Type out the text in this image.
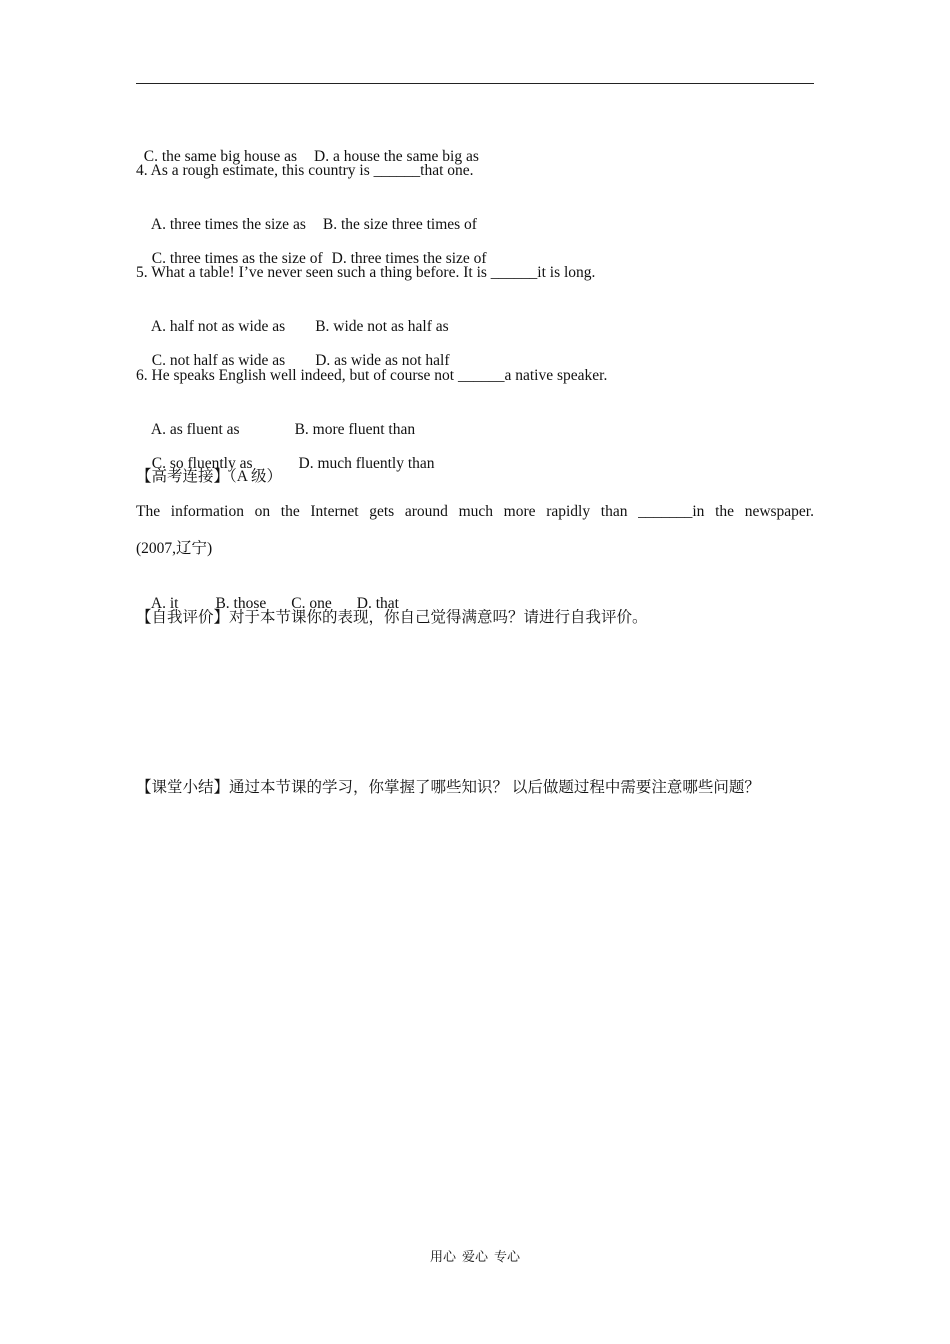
C. the same big house as D. a house the same big as

4. As a rough estimate, this country is ______that one.

A. three times the size as B. the size three times of

C. three times as the size of D. three times the size of

5. What a table! I’ve never seen such a thing before. It is ______it is long.

A. half not as wide as B. wide not as half as

C. not half as wide as D. as wide as not half

6. He speaks English well indeed, but of course not ______a native speaker.

A. as fluent as	B. more fluent than

C. so fluently as	D. much fluently than

【高考连接】（A 级）
The information on the Internet gets around much more rapidly than _______in the newspaper.
(2007,辽宁)

A. it B. those C. one D. that

【自我评价】对于本节课你的表现，你自己觉得满意吗？请进行自我评价。
【课堂小结】通过本节课的学习，你掌握了哪些知识？ 以后做题过程中需要注意哪些问题？
用心 爱心 专心
